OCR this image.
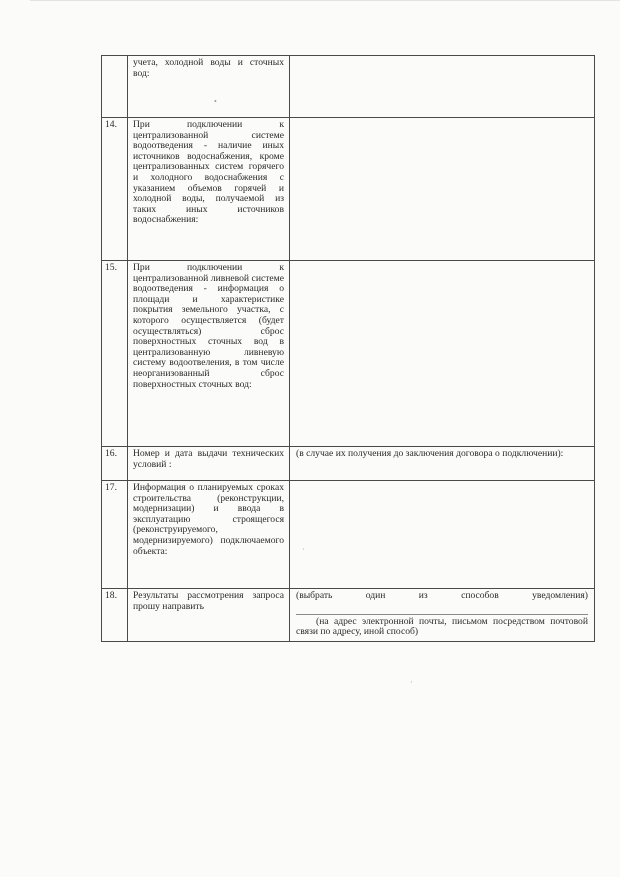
	учета, холодной воды и сточных вод:	
14.	При подключении к централизованной системе водоотведения - наличие иных источников водоснабжения, кроме централизованных систем горячего и холодного водоснабжения с указанием объемов горячей и холодной воды, получаемой из таких иных источников водоснабжения:	
15.	При подключении к централизованной ливневой системе водоотведения - информация о площади и характеристике покрытия земельного участка, с которого осуществляется (будет осуществляться) сброс поверхностных сточных вод в централизованную ливневую систему водоотвеления, в том числе неорганизованный сброс поверхностных сточных вод:	
16.	Номер и дата выдачи технических условий :	(в случае их получения до заключения договора о подключении):
17.	Информация о планируемых сроках строительства (реконструкции, модернизации) и ввода в эксплуатацию строящегося (реконструируемого, модернизируемого) подключаемого объекта:	
18.	Результаты рассмотрения запроса прошу направить	(выбрать один из способов уведомления)

(на адрес электронной почты, письмом посредством почтовой связи по адресу, иной способ)

•
·
·
